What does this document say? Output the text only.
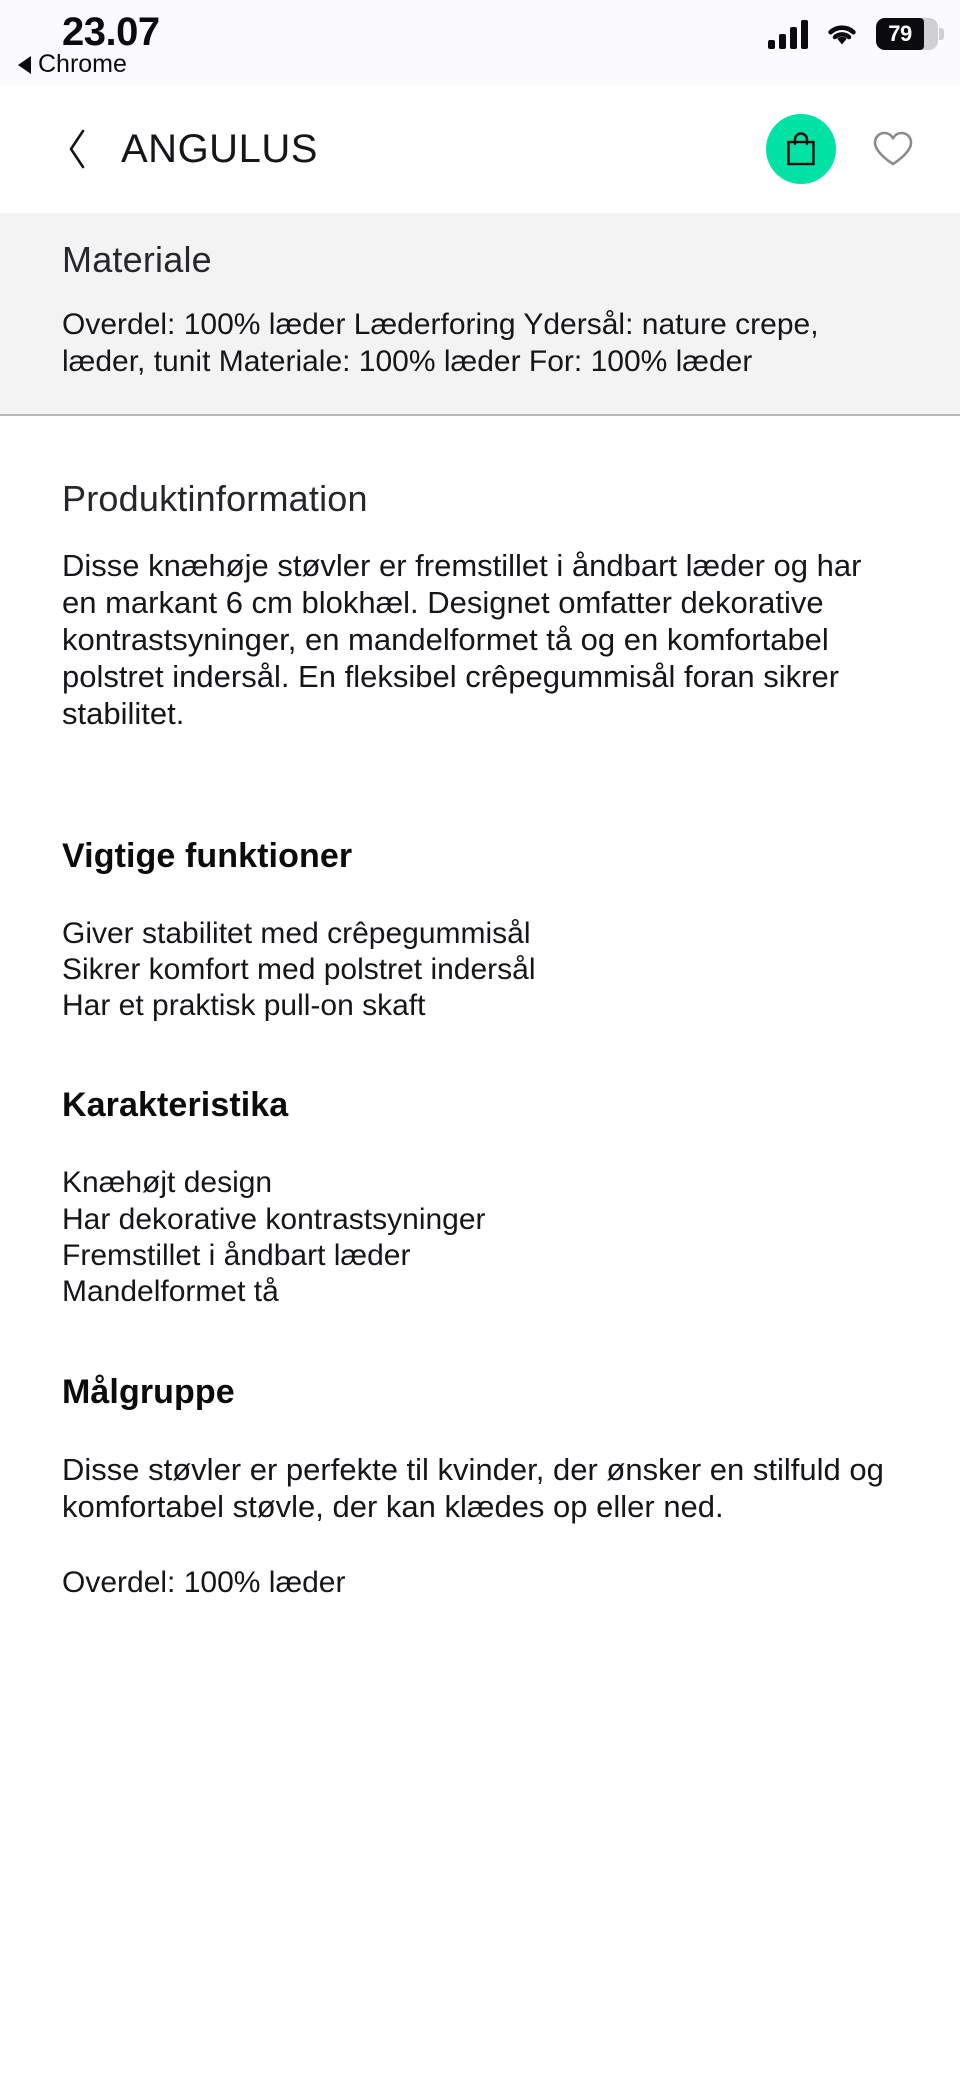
23.07
Chrome
79
ANGULUS
Materiale
Overdel: 100% læder Læderforing Ydersål: nature crepe, læder, tunit Materiale: 100% læder For: 100% læder
Produktinformation
Disse knæhøje støvler er fremstillet i åndbart læder og har en markant 6 cm blokhæl. Designet omfatter dekorative kontrastsyninger, en mandelformet tå og en komfortabel polstret indersål. En fleksibel crêpegummisål foran sikrer stabilitet.
Vigtige funktioner
Giver stabilitet med crêpegummisål
Sikrer komfort med polstret indersål
Har et praktisk pull-on skaft
Karakteristika
Knæhøjt design
Har dekorative kontrastsyninger
Fremstillet i åndbart læder
Mandelformet tå
Målgruppe
Disse støvler er perfekte til kvinder, der ønsker en stilfuld og komfortabel støvle, der kan klædes op eller ned.
Overdel: 100% læder
